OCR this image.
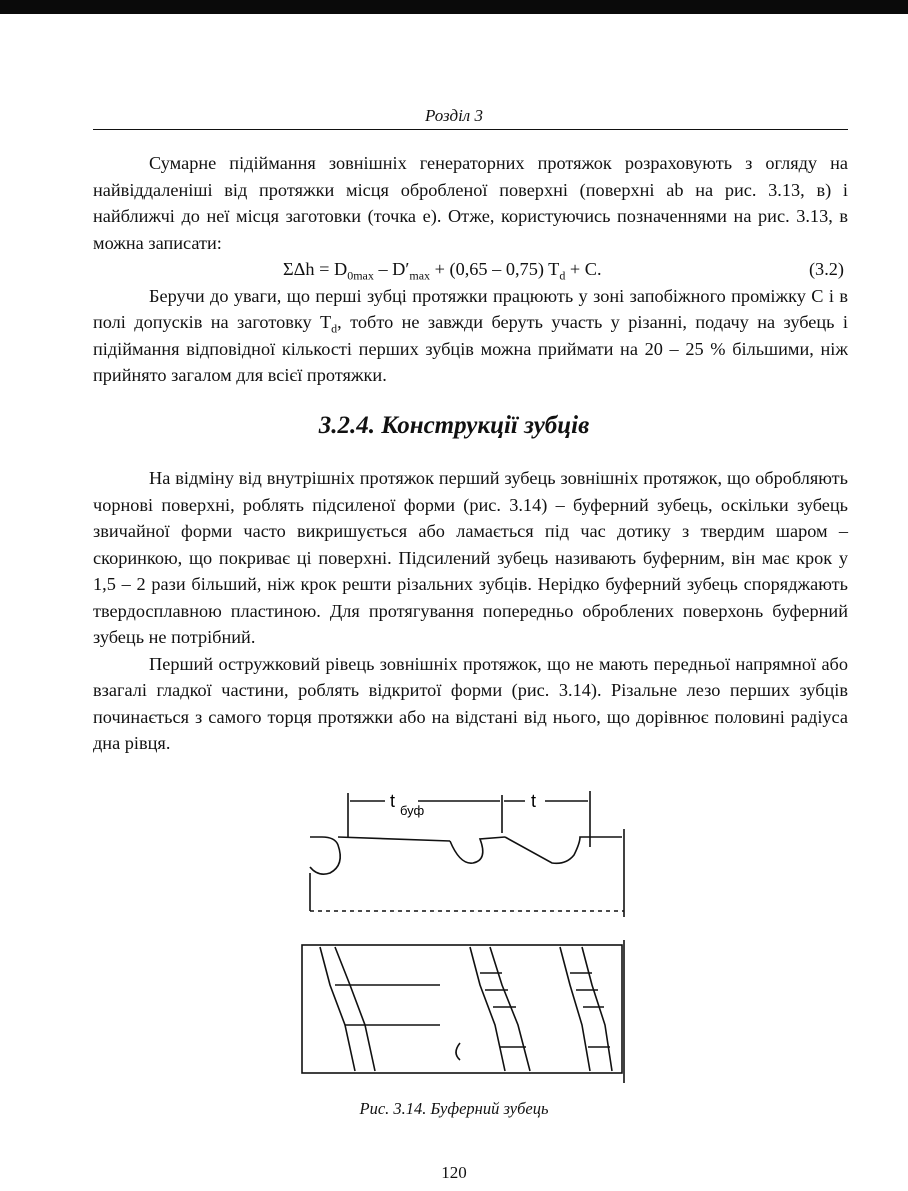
Розділ 3

Сумарне підіймання зовнішніх генераторних протяжок розраховують з огляду на найвіддаленіші від протяжки місця обробленої поверхні (поверхні ab на рис. 3.13, в) і найближчі до неї місця заготовки (точка е). Отже, користуючись позначеннями на рис. 3.13, в можна записати:

$\Sigma\Delta h = D_{0max} - D'_{max} + (0,65 - 0,75) T_d + C$.	(3.2)

Беручи до уваги, що перші зубці протяжки працюють у зоні запобіжного проміжку C і в полі допусків на заготовку $T_d$, тобто не завжди беруть участь у різанні, подачу на зубець і підіймання відповідної кількості перших зубців можна приймати на 20 – 25 % більшими, ніж прийнято загалом для всієї протяжки.

3.2.4. Конструкції зубців

На відміну від внутрішніх протяжок перший зубець зовнішніх протяжок, що обробляють чорнові поверхні, роблять підсиленої форми (рис. 3.14) – буферний зубець, оскільки зубець звичайної форми часто викришується або ламається під час дотику з твердим шаром – скоринкою, що покриває ці поверхні. Підсилений зубець називають буферним, він має крок у 1,5 – 2 рази більший, ніж крок решти різальних зубців. Нерідко буферний зубець споряджають твердосплавною пластиною. Для протягування попередньо оброблених поверхонь буферний зубець не потрібний.

Перший остружковий рівець зовнішніх протяжок, що не мають передньої напрямної або взагалі гладкої частини, роблять відкритої форми (рис. 3.14). Різальне лезо перших зубців починається з самого торця протяжки або на відстані від нього, що дорівнює половині радіуса дна рівця.

t буф	t
Рис. 3.14. Буферний зубець
120
